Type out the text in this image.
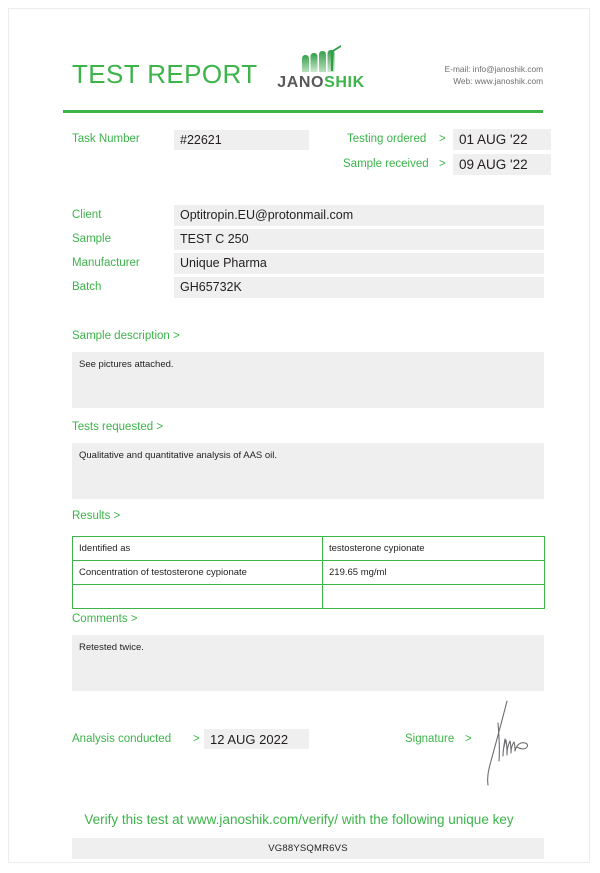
TEST REPORT	JANOSHIK
E-mail: info@janoshik.com
Web: www.janoshik.com
Task Number	#22621	Testing ordered > 01 AUG '22
Sample received > 09 AUG '22
Client	Optitropin.EU@protonmail.com
Sample	TEST C 250
Manufacturer	Unique Pharma
Batch	GH65732K
Sample description >
See pictures attached.
Tests requested >
Qualitative and quantitative analysis of AAS oil.
Results >
Identified as	testosterone cypionate
Concentration of testosterone cypionate	219.65 mg/ml

Comments >
Retested twice.
Analysis conducted > 12 AUG 2022	Signature >
Verify this test at www.janoshik.com/verify/ with the following unique key
VG88YSQMR6VS
